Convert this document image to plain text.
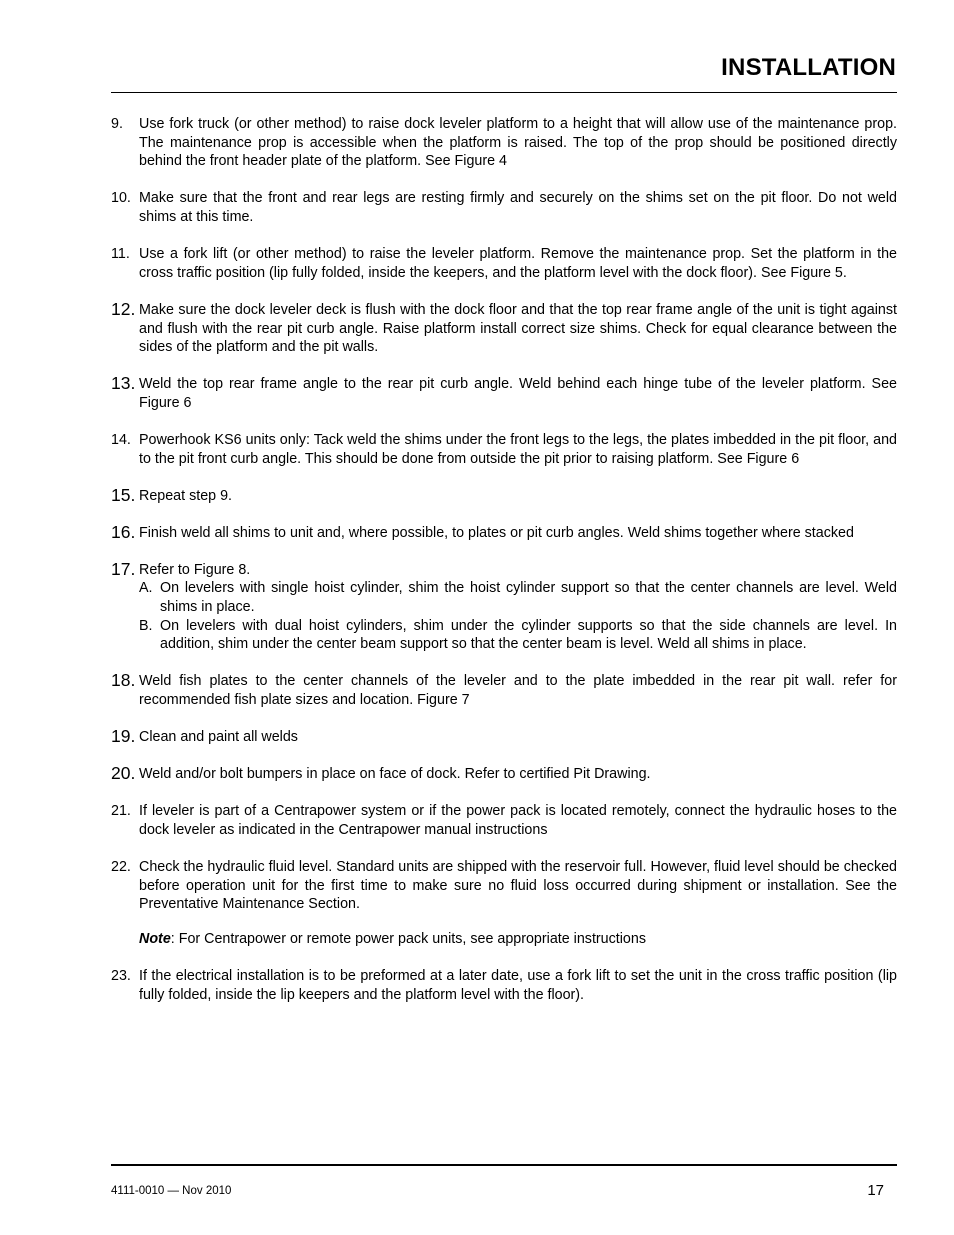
INSTALLATION
9. Use fork truck (or other method) to raise dock leveler platform to a height that will allow use of the maintenance prop. The maintenance prop is accessible when the platform is raised. The top of the prop should be positioned directly behind the front header plate of the platform. See Figure 4
10. Make sure that the front and rear legs are resting firmly and securely on the shims set on the pit floor. Do not weld shims at this time.
11. Use a fork lift (or other method) to raise the leveler platform. Remove the maintenance prop. Set the platform in the cross traffic position (lip fully folded, inside the keepers, and the platform level with the dock floor). See Figure 5.
12. Make sure the dock leveler deck is flush with the dock floor and that the top rear frame angle of the unit is tight against and flush with the rear pit curb angle. Raise platform install correct size shims. Check for equal clearance between the sides of the platform and the pit walls.
13. Weld the top rear frame angle to the rear pit curb angle. Weld behind each hinge tube of the leveler platform. See Figure 6
14. Powerhook KS6 units only: Tack weld the shims under the front legs to the legs, the plates imbedded in the pit floor, and to the pit front curb angle. This should be done from outside the pit prior to raising platform. See Figure 6
15. Repeat step 9.
16. Finish weld all shims to unit and, where possible, to plates or pit curb angles. Weld shims together where stacked
17. Refer to Figure 8.
A. On levelers with single hoist cylinder, shim the hoist cylinder support so that the center channels are level. Weld shims in place.
B. On levelers with dual hoist cylinders, shim under the cylinder supports so that the side channels are level. In addition, shim under the center beam support so that the center beam is level. Weld all shims in place.
18. Weld fish plates to the center channels of the leveler and to the plate imbedded in the rear pit wall. refer for recommended fish plate sizes and location. Figure 7
19. Clean and paint all welds
20. Weld and/or bolt bumpers in place on face of dock. Refer to certified Pit Drawing.
21. If leveler is part of a Centrapower system or if the power pack is located remotely, connect the hydraulic hoses to the dock leveler as indicated in the Centrapower manual instructions
22. Check the hydraulic fluid level. Standard units are shipped with the reservoir full. However, fluid level should be checked before operation unit for the first time to make sure no fluid loss occurred during shipment or installation. See the Preventative Maintenance Section.
Note: For Centrapower or remote power pack units, see appropriate instructions
23. If the electrical installation is to be preformed at a later date, use a fork lift to set the unit in the cross traffic position (lip fully folded, inside the lip keepers and the platform level with the floor).
4111-0010 — Nov 2010	17
